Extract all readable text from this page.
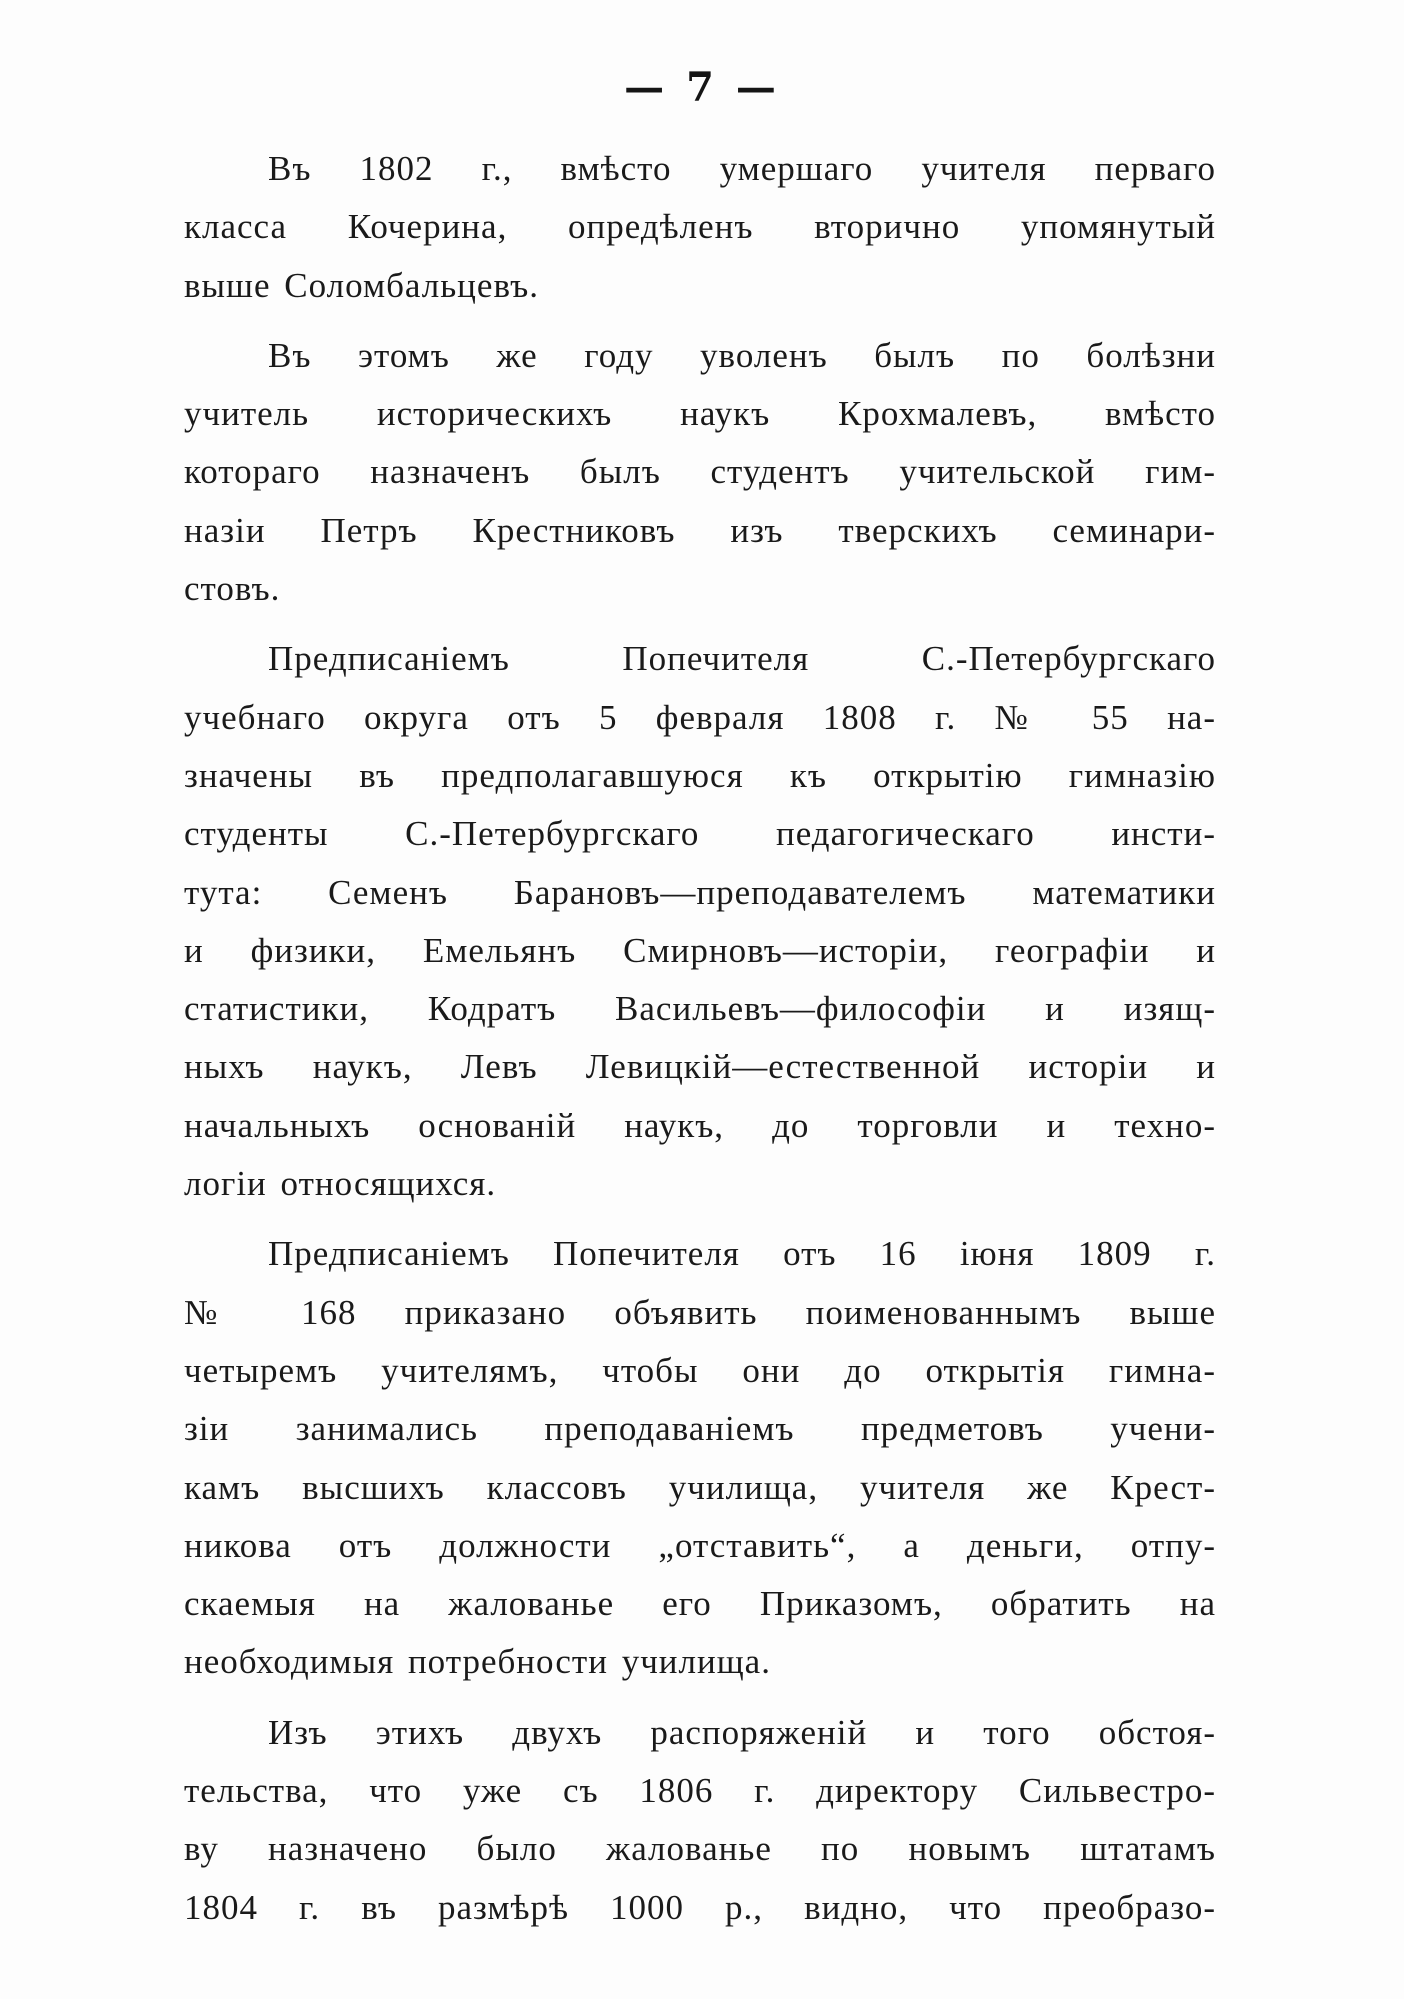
— 7 —
Въ 1802 г., вмѣсто умершаго учителя перваго
класса Кочерина, опредѣленъ вторично упомянутый
выше Соломбальцевъ.
Въ этомъ же году уволенъ былъ по болѣзни
учитель историческихъ наукъ Крохмалевъ, вмѣсто
котораго назначенъ былъ студентъ учительской гим-
назіи Петръ Крестниковъ изъ тверскихъ семинари-
стовъ.
Предписаніемъ Попечителя С.-Петербургскаго
учебнаго округа отъ 5 февраля 1808 г. № 55 на-
значены въ предполагавшуюся къ открытію гимназію
студенты С.-Петербургскаго педагогическаго инсти-
тута: Семенъ Барановъ—преподавателемъ математики
и физики, Емельянъ Смирновъ—исторіи, географіи и
статистики, Кодратъ Васильевъ—философіи и изящ-
ныхъ наукъ, Левъ Левицкій—естественной исторіи и
начальныхъ основаній наукъ, до торговли и техно-
логіи относящихся.
Предписаніемъ Попечителя отъ 16 іюня 1809 г.
№ 168 приказано объявить поименованнымъ выше
четыремъ учителямъ, чтобы они до открытія гимна-
зіи занимались преподаваніемъ предметовъ учени-
камъ высшихъ классовъ училища, учителя же Крест-
никова отъ должности „отставить“, а деньги, отпу-
скаемыя на жалованье его Приказомъ, обратить на
необходимыя потребности училища.
Изъ этихъ двухъ распоряженій и того обстоя-
тельства, что уже съ 1806 г. директору Сильвестро-
ву назначено было жалованье по новымъ штатамъ
1804 г. въ размѣрѣ 1000 р., видно, что преобразо-
